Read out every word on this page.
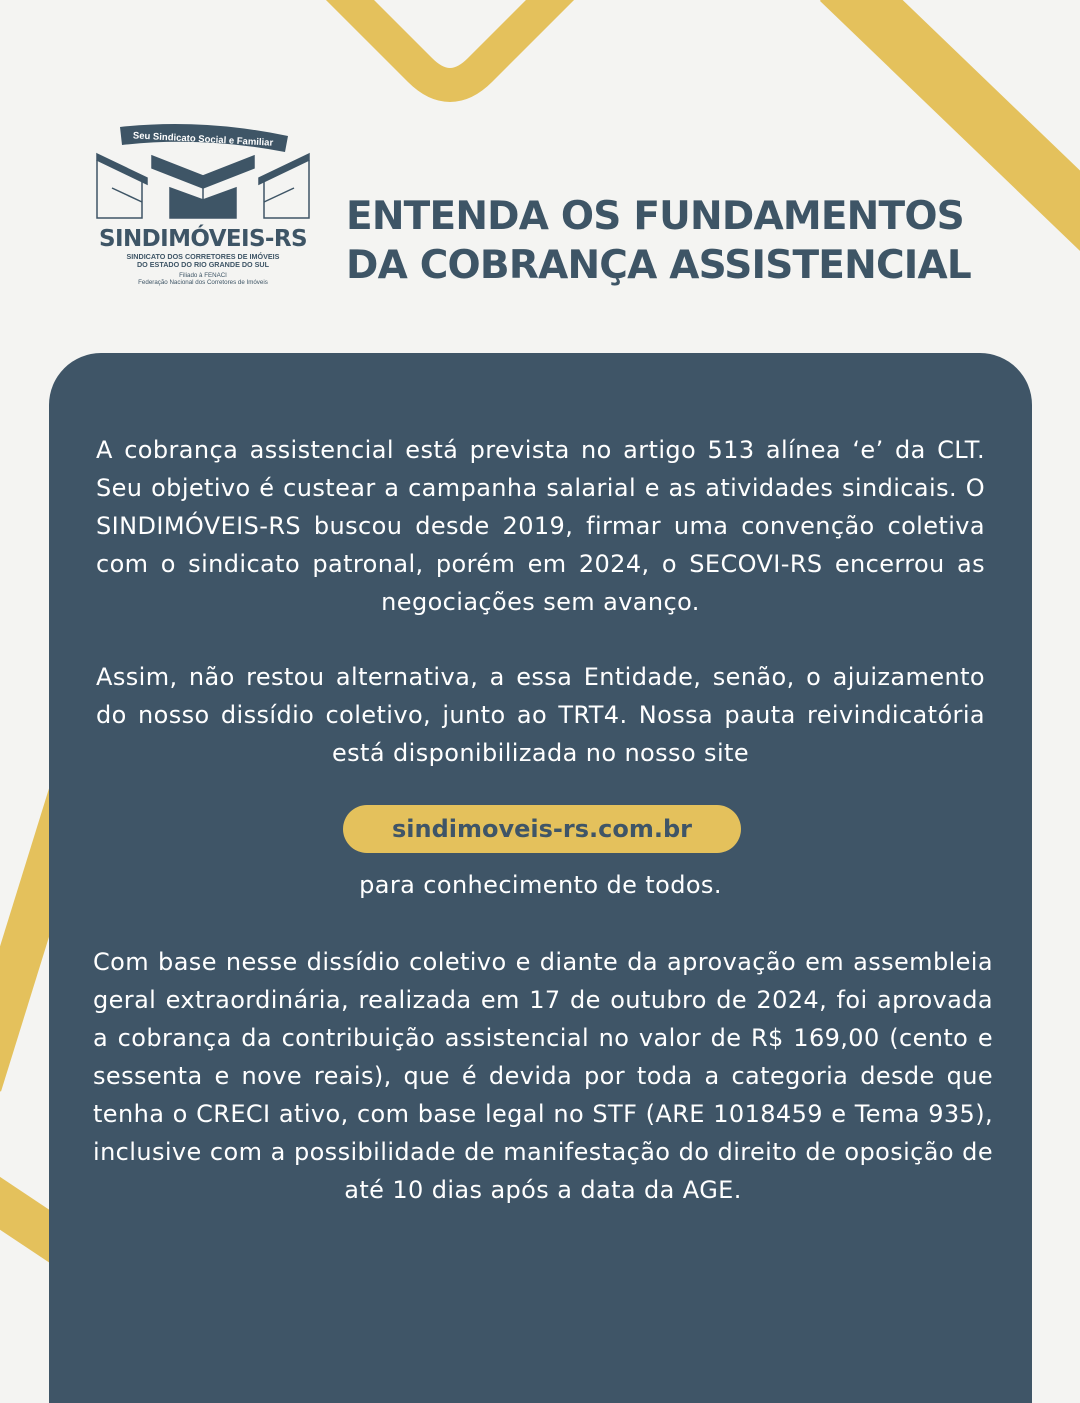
Seu Sindicato Social e Familiar
SINDIMÓVEIS-RS
SINDICATO DOS CORRETORES DE IMÓVEIS
DO ESTADO DO RIO GRANDE DO SUL
Filiado à FENACI
Federação Nacional dos Corretores de Imóveis
ENTENDA OS FUNDAMENTOS
DA COBRANÇA ASSISTENCIAL

A cobrança assistencial está prevista no artigo 513 alínea ‘e’ da CLT. Seu objetivo é custear a campanha salarial e as atividades sindicais. O SINDIMÓVEIS-RS buscou desde 2019, firmar uma convenção coletiva com o sindicato patronal, porém em 2024, o SECOVI-RS encerrou as negociações sem avanço.

Assim, não restou alternativa, a essa Entidade, senão, o ajuizamento do nosso dissídio coletivo, junto ao TRT4. Nossa pauta reivindicatória está disponibilizada no nosso site

sindimoveis-rs.com.br

para conhecimento de todos.

Com base nesse dissídio coletivo e diante da aprovação em assembleia geral extraordinária, realizada em 17 de outubro de 2024, foi aprovada a cobrança da contribuição assistencial no valor de R$ 169,00 (cento e sessenta e nove reais), que é devida por toda a categoria desde que tenha o CRECI ativo, com base legal no STF (ARE 1018459 e Tema 935), inclusive com a possibilidade de manifestação do direito de oposição de até 10 dias após a data da AGE.
